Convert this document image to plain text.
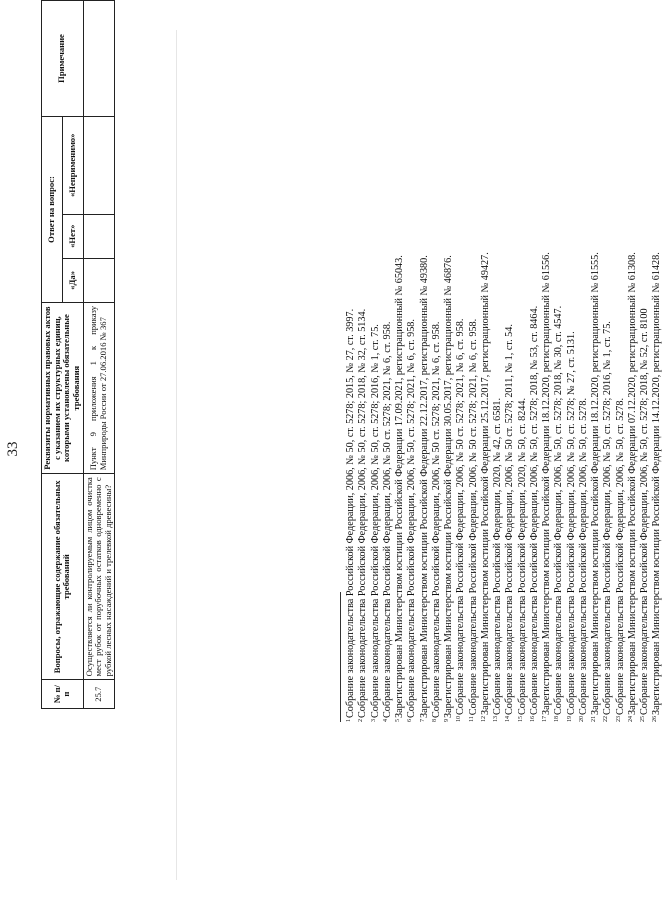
33
№ п/п	Вопросы, отражающие содержание обязательных требований	Реквизиты нормативных правовых актов с указанием их структурных единиц, которыми установлены обязательные требования	Ответ на вопрос:			Примечание
			«Да»	«Нет»	«Неприменимо»	
25.7	Осуществляется ли контролируемым лицом очистка мест рубок от порубочных остатков одновременно с рубкой лесных насаждений и трелевкой древесины?	Пункт 9 приложения 1 к приказу Минприроды России от 27.06.2016 № 367				
$^1$Собрание законодательства Российской Федерации, 2006, № 50, ст. 5278; 2015, № 27, ст. 3997.
$^2$Собрание законодательства Российской Федерации, 2006, № 50, ст. 5278; 2018, № 32, ст. 5134.
$^3$Собрание законодательства Российской Федерации, 2006, № 50, ст. 5278; 2016, № 1, ст. 75.
$^4$Собрание законодательства Российской Федерации, 2006, № 50 ст. 5278; 2021, № 6, ст. 958.
$^5$Зарегистрирован Министерством юстиции Российской Федерации 17.09.2021, регистрационный № 65043.
$^6$Собрание законодательства Российской Федерации, 2006, № 50, ст. 5278; 2021, № 6, ст. 958.
$^7$Зарегистрирован Министерством юстиции Российской Федерации 22.12.2017, регистрационный № 49380.
$^8$Собрание законодательства Российской Федерации, 2006, № 50 ст. 5278; 2021, № 6, ст. 958.
$^9$Зарегистрирован Министерством юстиции Российской Федерации 30.05.2017, регистрационный № 46876.
$^{10}$Собрание законодательства Российской Федерации, 2006, № 50 ст. 5278; 2021, № 6, ст. 958.
$^{11}$Собрание законодательства Российской Федерации, 2006, № 50 ст. 5278; 2021, № 6, ст. 958.
$^{12}$Зарегистрирован Министерством юстиции Российской Федерации 25.12.2017, регистрационный № 49427.
$^{13}$Собрание законодательства Российской Федерации, 2020, № 42, ст. 6581.
$^{14}$Собрание законодательства Российской Федерации, 2006, № 50 ст. 5278; 2011, № 1, ст. 54.
$^{15}$Собрание законодательства Российской Федерации, 2020, № 50, ст. 8244.
$^{16}$Собрание законодательства Российской Федерации, 2006, № 50, ст. 5278; 2018, № 53, ст. 8464.
$^{17}$Зарегистрирован Министерством юстиции Российской Федерации 18.12.2020, регистрационный № 61556.
$^{18}$Собрание законодательства Российской Федерации, 2006, № 50, ст. 5278; 2018, № 30, ст. 4547.
$^{19}$Собрание законодательства Российской Федерации, 2006, № 50, ст. 5278; № 27, ст. 5131.
$^{20}$Собрание законодательства Российской Федерации, 2006, № 50, ст. 5278.
$^{21}$Зарегистрирован Министерством юстиции Российской Федерации 18.12.2020, регистрационный № 61555.
$^{22}$Собрание законодательства Российской Федерации, 2006, № 50, ст. 5278; 2016, № 1, ст. 75.
$^{23}$Собрание законодательства Российской Федерации, 2006, № 50, ст. 5278.
$^{24}$Зарегистрирован Министерством юстиции Российской Федерации 07.12.2020, регистрационный № 61308.
$^{25}$Собрание законодательства Российской Федерации, 2006, № 50, ст. 5278; 2018, № 52, ст. 8100
$^{26}$Зарегистрирован Министерством юстиции Российской Федерации 14.12.2020, регистрационный № 61428.
